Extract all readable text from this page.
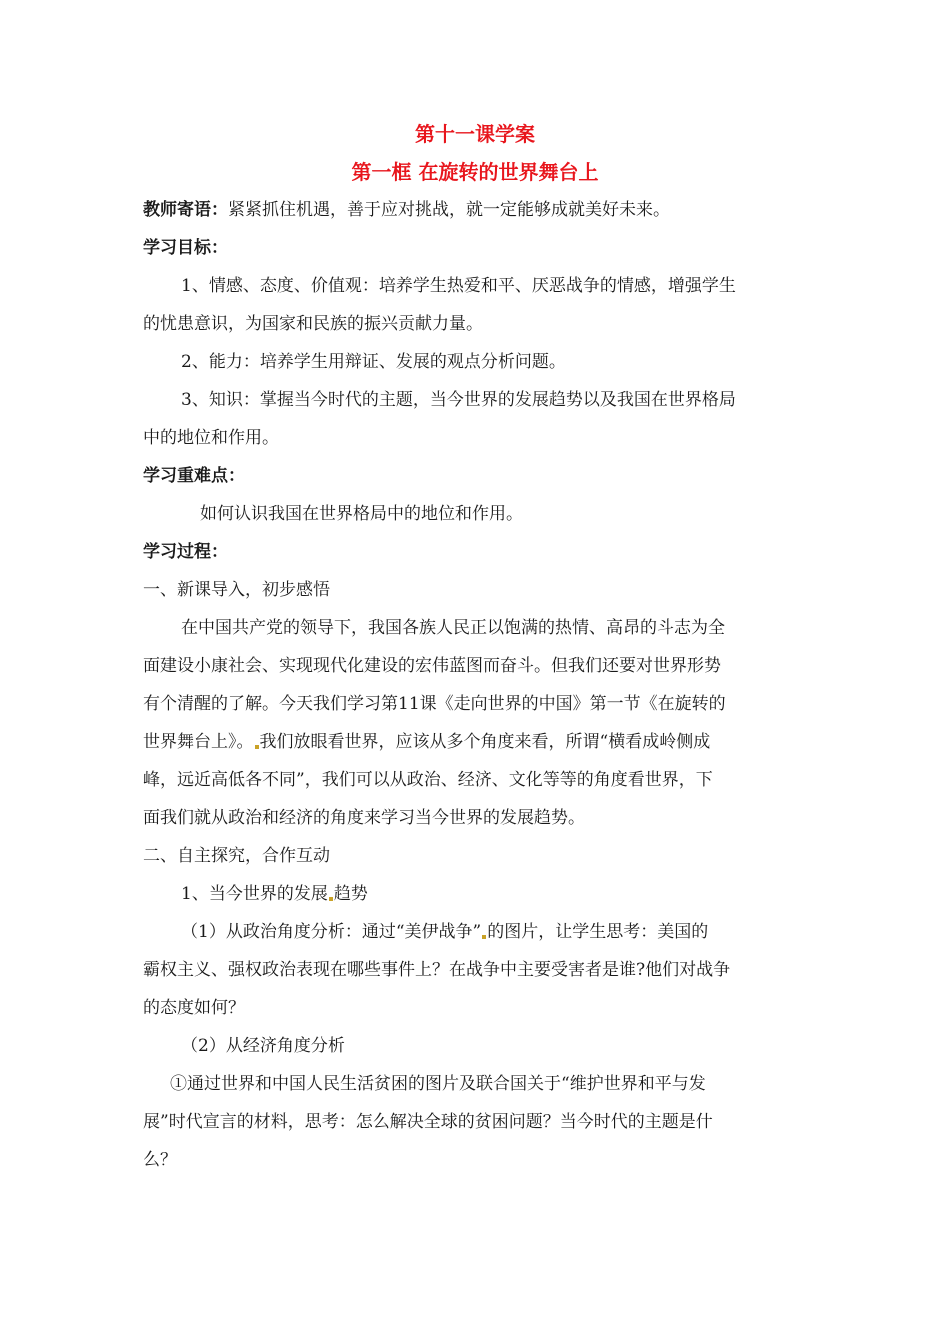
第十一课学案
第一框 在旋转的世界舞台上
教师寄语：紧紧抓住机遇，善于应对挑战，就一定能够成就美好未来。
学习目标：
1、情感、态度、价值观：培养学生热爱和平、厌恶战争的情感，增强学生
的忧患意识，为国家和民族的振兴贡献力量。
2、能力：培养学生用辩证、发展的观点分析问题。
3、知识：掌握当今时代的主题，当今世界的发展趋势以及我国在世界格局
中的地位和作用。
学习重难点：
如何认识我国在世界格局中的地位和作用。
学习过程：
一、新课导入，初步感悟
在中国共产党的领导下，我国各族人民正以饱满的热情、高昂的斗志为全
面建设小康社会、实现现代化建设的宏伟蓝图而奋斗。但我们还要对世界形势
有个清醒的了解。今天我们学习第11课《走向世界的中国》第一节《在旋转的
世界舞台上》。 我们放眼看世界，应该从多个角度来看，所谓“横看成岭侧成
峰，远近高低各不同”，我们可以从政治、经济、文化等等的角度看世界，下
面我们就从政治和经济的角度来学习当今世界的发展趋势。
二、自主探究，合作互动
1、当今世界的发展 趋势
（1）从政治角度分析：通过“美伊战争” 的图片，让学生思考：美国的
霸权主义、强权政治表现在哪些事件上？在战争中主要受害者是谁?他们对战争
的态度如何？
（2）从经济角度分析
①通过世界和中国人民生活贫困的图片及联合国关于“维护世界和平与发
展”时代宣言的材料，思考：怎么解决全球的贫困问题？当今时代的主题是什
么？
